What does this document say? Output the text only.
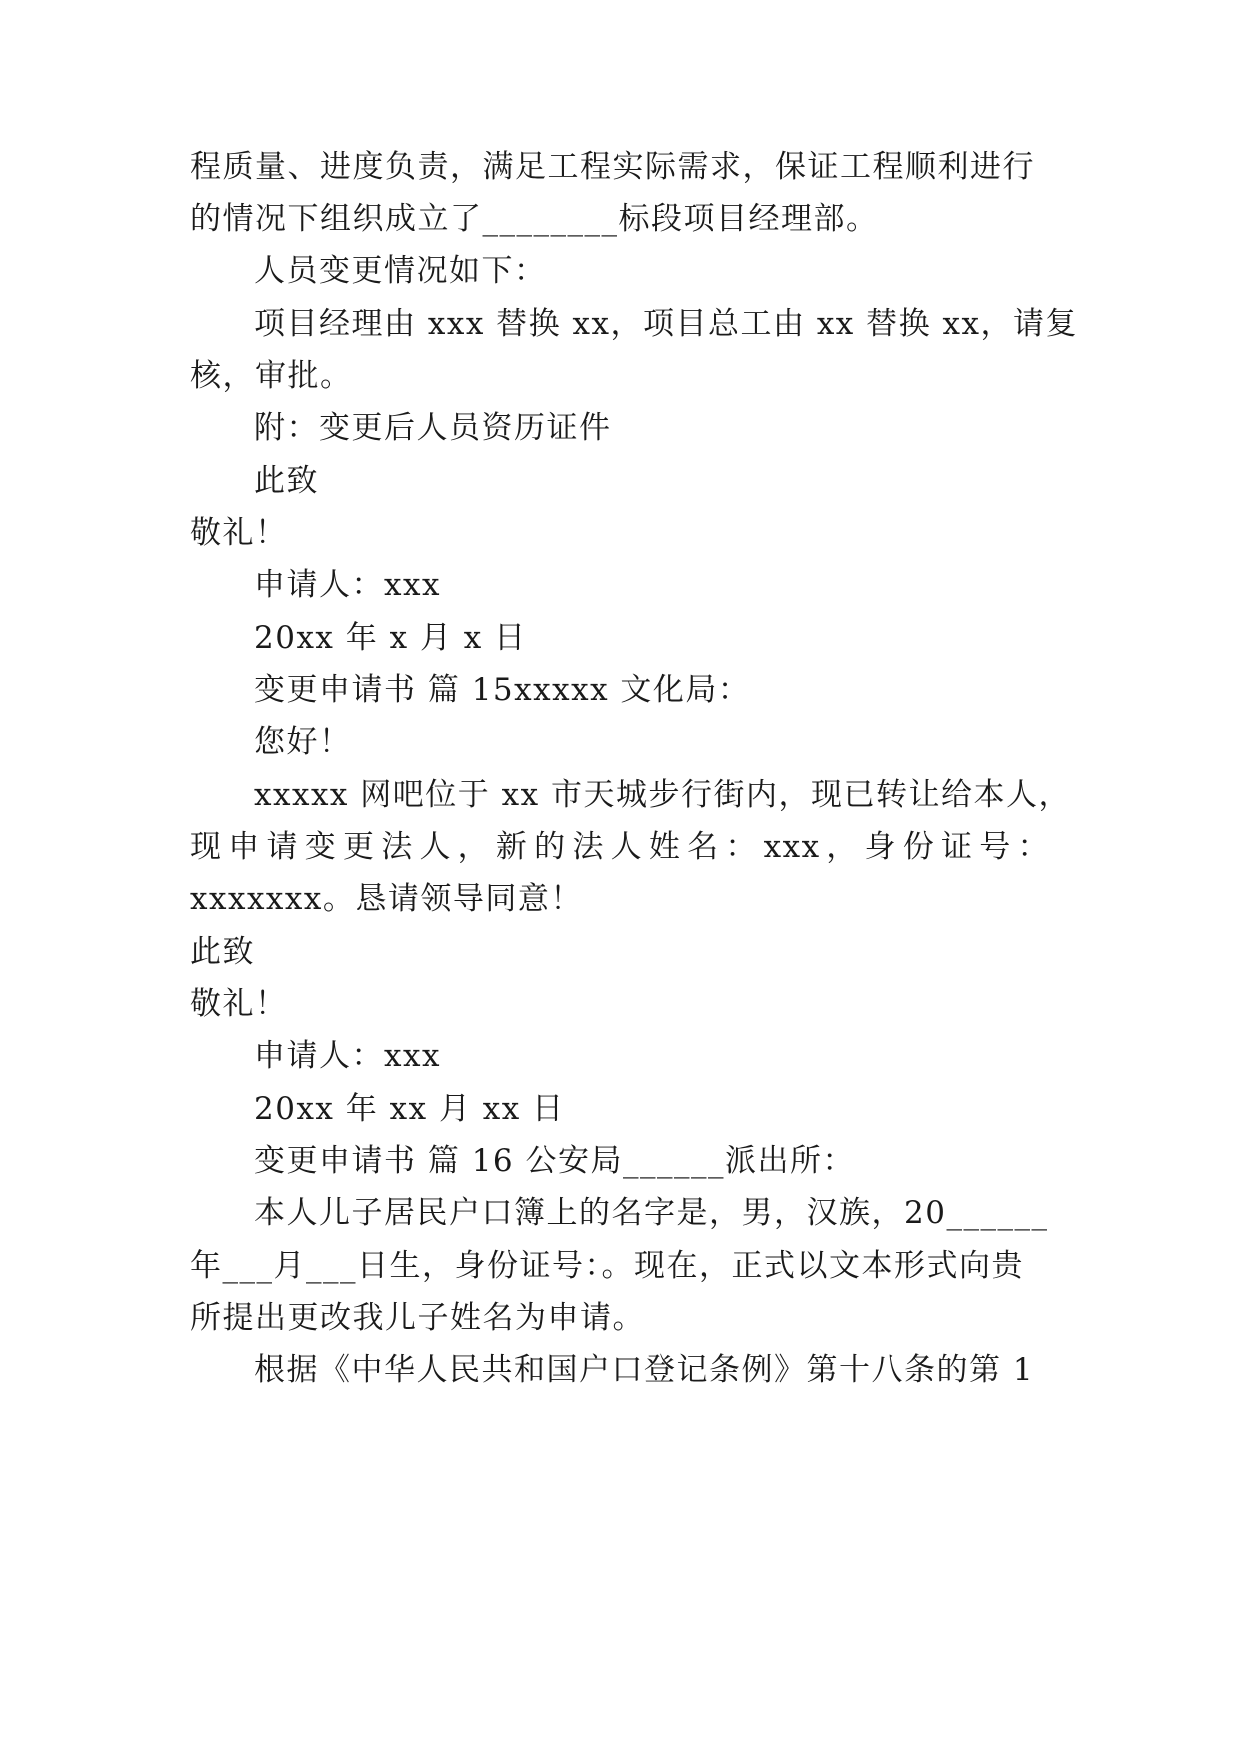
程质量、进度负责，满足工程实际需求，保证工程顺利进行
的情况下组织成立了________标段项目经理部。
人员变更情况如下：
项目经理由 xxx 替换 xx，项目总工由 xx 替换 xx，请复
核，审批。
附：变更后人员资历证件
此致
敬礼！
申请人：xxx
20xx 年 x 月 x 日
变更申请书 篇 15xxxxx 文化局：
您好！
xxxxx 网吧位于 xx 市天城步行街内，现已转让给本人，
现申请变更法人，新的法人姓名：xxx，身份证号：
xxxxxxx。恳请领导同意！
此致
敬礼！
申请人：xxx
20xx 年 xx 月 xx 日
变更申请书 篇 16 公安局______派出所：
本人儿子居民户口簿上的名字是，男，汉族，20______
年___月___日生，身份证号：。现在，正式以文本形式向贵
所提出更改我儿子姓名为申请。
根据《中华人民共和国户口登记条例》第十八条的第 1
